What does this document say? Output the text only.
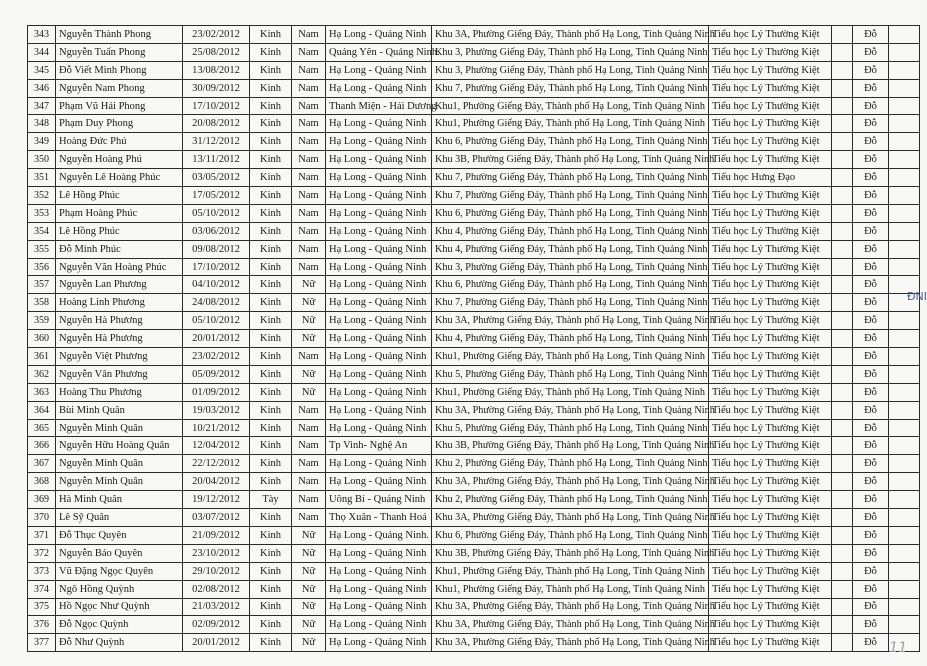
343	Nguyễn Thành Phong	23/02/2012	Kinh	Nam	Hạ Long - Quảng Ninh	Khu 3A, Phường Giếng Đáy, Thành phố Hạ Long, Tỉnh Quảng Ninh	Tiểu học Lý Thường Kiệt		Đỗ	
344	Nguyễn Tuấn Phong	25/08/2012	Kinh	Nam	Quảng Yên - Quảng Ninh.	Khu 3, Phường Giếng Đáy, Thành phố Hạ Long, Tỉnh Quảng Ninh	Tiểu học Lý Thường Kiệt		Đỗ	
345	Đỗ Viết Minh Phong	13/08/2012	Kinh	Nam	Hạ Long - Quảng Ninh	Khu 3, Phường Giếng Đáy, Thành phố Hạ Long, Tỉnh Quảng Ninh	Tiểu học Lý Thường Kiệt		Đỗ	
346	Nguyễn Nam Phong	30/09/2012	Kinh	Nam	Hạ Long - Quảng Ninh	Khu 7, Phường Giếng Đáy, Thành phố Hạ Long, Tỉnh Quảng Ninh	Tiểu học Lý Thường Kiệt		Đỗ	
347	Phạm Vũ Hải Phong	17/10/2012	Kinh	Nam	Thanh Miện - Hải Dương	Khu1, Phường Giếng Đáy, Thành phố Hạ Long, Tỉnh Quảng Ninh	Tiểu học Lý Thường Kiệt		Đỗ	
348	Phạm Duy Phong	20/08/2012	Kinh	Nam	Hạ Long - Quảng Ninh	Khu1, Phường Giếng Đáy, Thành phố Hạ Long, Tỉnh Quảng Ninh	Tiểu học Lý Thường Kiệt		Đỗ	
349	Hoàng Đức Phú	31/12/2012	Kinh	Nam	Hạ Long - Quảng Ninh	Khu 6, Phường Giếng Đáy, Thành phố Hạ Long, Tỉnh Quảng Ninh	Tiểu học Lý Thường Kiệt		Đỗ	
350	Nguyễn Hoàng Phú	13/11/2012	Kinh	Nam	Hạ Long - Quảng Ninh	Khu 3B, Phường Giếng Đáy, Thành phố Hạ Long, Tỉnh Quảng Ninh	Tiểu học Lý Thường Kiệt		Đỗ	
351	Nguyễn Lê Hoàng Phúc	03/05/2012	Kinh	Nam	Hạ Long - Quảng Ninh	Khu 7, Phường Giếng Đáy, Thành phố Hạ Long, Tỉnh Quảng Ninh	Tiểu học Hưng Đạo		Đỗ	
352	Lê Hồng Phúc	17/05/2012	Kinh	Nam	Hạ Long - Quảng Ninh	Khu 7, Phường Giếng Đáy, Thành phố Hạ Long, Tỉnh Quảng Ninh	Tiểu học Lý Thường Kiệt		Đỗ	
353	Phạm Hoàng Phúc	05/10/2012	Kinh	Nam	Hạ Long - Quảng Ninh	Khu 6, Phường Giếng Đáy, Thành phố Hạ Long, Tỉnh Quảng Ninh	Tiểu học Lý Thường Kiệt		Đỗ	
354	Lê Hồng Phúc	03/06/2012	Kinh	Nam	Hạ Long - Quảng Ninh	Khu 4, Phường Giếng Đáy, Thành phố Hạ Long, Tỉnh Quảng Ninh	Tiểu học Lý Thường Kiệt		Đỗ	
355	Đỗ Minh Phúc	09/08/2012	Kinh	Nam	Hạ Long - Quảng Ninh	Khu 4, Phường Giếng Đáy, Thành phố Hạ Long, Tỉnh Quảng Ninh	Tiểu học Lý Thường Kiệt		Đỗ	
356	Nguyễn Văn Hoàng Phúc	17/10/2012	Kinh	Nam	Hạ Long - Quảng Ninh	Khu 3, Phường Giếng Đáy, Thành phố Hạ Long, Tỉnh Quảng Ninh	Tiểu học Lý Thường Kiệt		Đỗ	
357	Nguyễn Lan Phương	04/10/2012	Kinh	Nữ	Hạ Long - Quảng Ninh	Khu 6, Phường Giếng Đáy, Thành phố Hạ Long, Tỉnh Quảng Ninh	Tiểu học Lý Thường Kiệt		Đỗ	
358	Hoàng Linh Phương	24/08/2012	Kinh	Nữ	Hạ Long - Quảng Ninh	Khu 7, Phường Giếng Đáy, Thành phố Hạ Long, Tỉnh Quảng Ninh	Tiểu học Lý Thường Kiệt		Đỗ	
359	Nguyễn Hà Phương	05/10/2012	Kinh	Nữ	Hạ Long - Quảng Ninh	Khu 3A, Phường Giếng Đáy, Thành phố Hạ Long, Tỉnh Quảng Ninh	Tiểu học Lý Thường Kiệt		Đỗ	
360	Nguyễn Hà Phương	20/01/2012	Kinh	Nữ	Hạ Long - Quảng Ninh	Khu 4, Phường Giếng Đáy, Thành phố Hạ Long, Tỉnh Quảng Ninh	Tiểu học Lý Thường Kiệt		Đỗ	
361	Nguyễn Việt Phương	23/02/2012	Kinh	Nam	Hạ Long - Quảng Ninh	Khu1, Phường Giếng Đáy, Thành phố Hạ Long, Tỉnh Quảng Ninh	Tiểu học Lý Thường Kiệt		Đỗ	
362	Nguyễn Vân Phương	05/09/2012	Kinh	Nữ	Hạ Long - Quảng Ninh	Khu 5, Phường Giếng Đáy, Thành phố Hạ Long, Tỉnh Quảng Ninh	Tiểu học Lý Thường Kiệt		Đỗ	
363	Hoàng Thu Phương	01/09/2012	Kinh	Nữ	Hạ Long - Quảng Ninh	Khu1, Phường Giếng Đáy, Thành phố Hạ Long, Tỉnh Quảng Ninh	Tiểu học Lý Thường Kiệt		Đỗ	
364	Bùi Minh Quân	19/03/2012	Kinh	Nam	Hạ Long - Quảng Ninh	Khu 3A, Phường Giếng Đáy, Thành phố Hạ Long, Tỉnh Quảng Ninh	Tiểu học Lý Thường Kiệt		Đỗ	
365	Nguyễn Minh Quân	10/21/2012	Kinh	Nam	Hạ Long - Quảng Ninh	Khu 5, Phường Giếng Đáy, Thành phố Hạ Long, Tỉnh Quảng Ninh	Tiểu học Lý Thường Kiệt		Đỗ	
366	Nguyễn Hữu Hoàng Quân	12/04/2012	Kinh	Nam	Tp Vinh- Nghệ An	Khu 3B, Phường Giếng Đáy, Thành phố Hạ Long, Tỉnh Quảng Ninh	Tiểu học Lý Thường Kiệt		Đỗ	
367	Nguyễn Minh Quân	22/12/2012	Kinh	Nam	Hạ Long - Quảng Ninh	Khu 2, Phường Giếng Đáy, Thành phố Hạ Long, Tỉnh Quảng Ninh	Tiểu học Lý Thường Kiệt		Đỗ	
368	Nguyễn Minh Quân	20/04/2012	Kinh	Nam	Hạ Long - Quảng Ninh	Khu 3A, Phường Giếng Đáy, Thành phố Hạ Long, Tỉnh Quảng Ninh	Tiểu học Lý Thường Kiệt		Đỗ	
369	Hà Minh Quân	19/12/2012	Tày	Nam	Uông Bí - Quảng Ninh	Khu 2, Phường Giếng Đáy, Thành phố Hạ Long, Tỉnh Quảng Ninh	Tiểu học Lý Thường Kiệt		Đỗ	
370	Lê Sỹ Quân	03/07/2012	Kinh	Nam	Thọ Xuân - Thanh Hoá	Khu 3A, Phường Giếng Đáy, Thành phố Hạ Long, Tỉnh Quảng Ninh	Tiểu học Lý Thường Kiệt		Đỗ	
371	Đỗ Thục Quyên	21/09/2012	Kinh	Nữ	Hạ Long - Quảng Ninh.	Khu 6, Phường Giếng Đáy, Thành phố Hạ Long, Tỉnh Quảng Ninh	Tiểu học Lý Thường Kiệt		Đỗ	
372	Nguyễn Bảo Quyên	23/10/2012	Kinh	Nữ	Hạ Long - Quảng Ninh	Khu 3B, Phường Giếng Đáy, Thành phố Hạ Long, Tỉnh Quảng Ninh	Tiểu học Lý Thường Kiệt		Đỗ	
373	Vũ Đặng Ngọc Quyên	29/10/2012	Kinh	Nữ	Hạ Long - Quảng Ninh	Khu1, Phường Giếng Đáy, Thành phố Hạ Long, Tỉnh Quảng Ninh	Tiểu học Lý Thường Kiệt		Đỗ	
374	Ngô Hồng Quỳnh	02/08/2012	Kinh	Nữ	Hạ Long - Quảng Ninh	Khu1, Phường Giếng Đáy, Thành phố Hạ Long, Tỉnh Quảng Ninh	Tiểu học Lý Thường Kiệt		Đỗ	
375	Hồ Ngọc Như Quỳnh	21/03/2012	Kinh	Nữ	Hạ Long - Quảng Ninh	Khu 3A, Phường Giếng Đáy, Thành phố Hạ Long, Tỉnh Quảng Ninh	Tiểu học Lý Thường Kiệt		Đỗ	
376	Đỗ Ngọc Quỳnh	02/09/2012	Kinh	Nữ	Hạ Long - Quảng Ninh	Khu 3A, Phường Giếng Đáy, Thành phố Hạ Long, Tỉnh Quảng Ninh	Tiểu học Lý Thường Kiệt		Đỗ	
377	Đỗ Như Quỳnh	20/01/2012	Kinh	Nữ	Hạ Long - Quảng Ninh	Khu 3A, Phường Giếng Đáy, Thành phố Hạ Long, Tỉnh Quảng Ninh	Tiểu học Lý Thường Kiệt		Đỗ	
ĐNI
11
